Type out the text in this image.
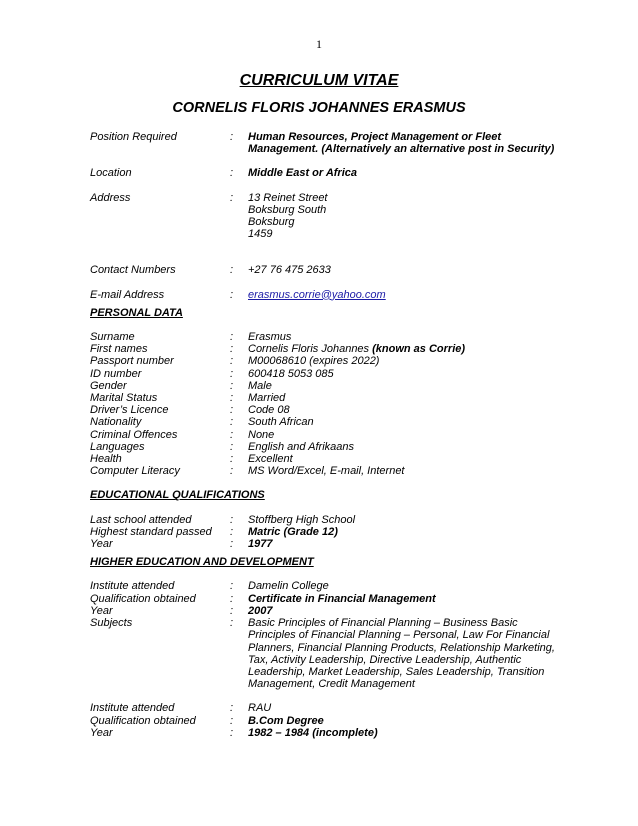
1
CURRICULUM VITAE
CORNELIS FLORIS JOHANNES ERASMUS
Position Required	:	Human Resources, Project Management or Fleet
Management. (Alternatively an alternative post in Security)
Location	:	Middle East or Africa
Address	:	13 Reinet Street
Boksburg South
Boksburg
1459
Contact Numbers	:	+27 76 475 2633
E-mail Address	:	erasmus.corrie@yahoo.com
PERSONAL DATA
Surname	:	Erasmus
First names	:	Cornelis Floris Johannes (known as Corrie)
Passport number	:	M00068610 (expires 2022)
ID number	:	600418 5053 085
Gender	:	Male
Marital Status	:	Married
Driver’s Licence	:	Code 08
Nationality	:	South African
Criminal Offences	:	None
Languages	:	English and Afrikaans
Health	:	Excellent
Computer Literacy	:	MS Word/Excel, E-mail, Internet
EDUCATIONAL QUALIFICATIONS
Last school attended	:	Stoffberg High School
Highest standard passed	:	Matric (Grade 12)
Year	:	1977
HIGHER EDUCATION AND DEVELOPMENT
Institute attended	:	Damelin College
Qualification obtained	:	Certificate in Financial Management
Year	:	2007
Subjects	:	Basic Principles of Financial Planning – Business Basic
Principles of Financial Planning – Personal, Law For Financial
Planners, Financial Planning Products, Relationship Marketing,
Tax, Activity Leadership, Directive Leadership, Authentic
Leadership, Market Leadership, Sales Leadership, Transition
Management, Credit Management
Institute attended	:	RAU
Qualification obtained	:	B.Com Degree
Year	:	1982 – 1984 (incomplete)
